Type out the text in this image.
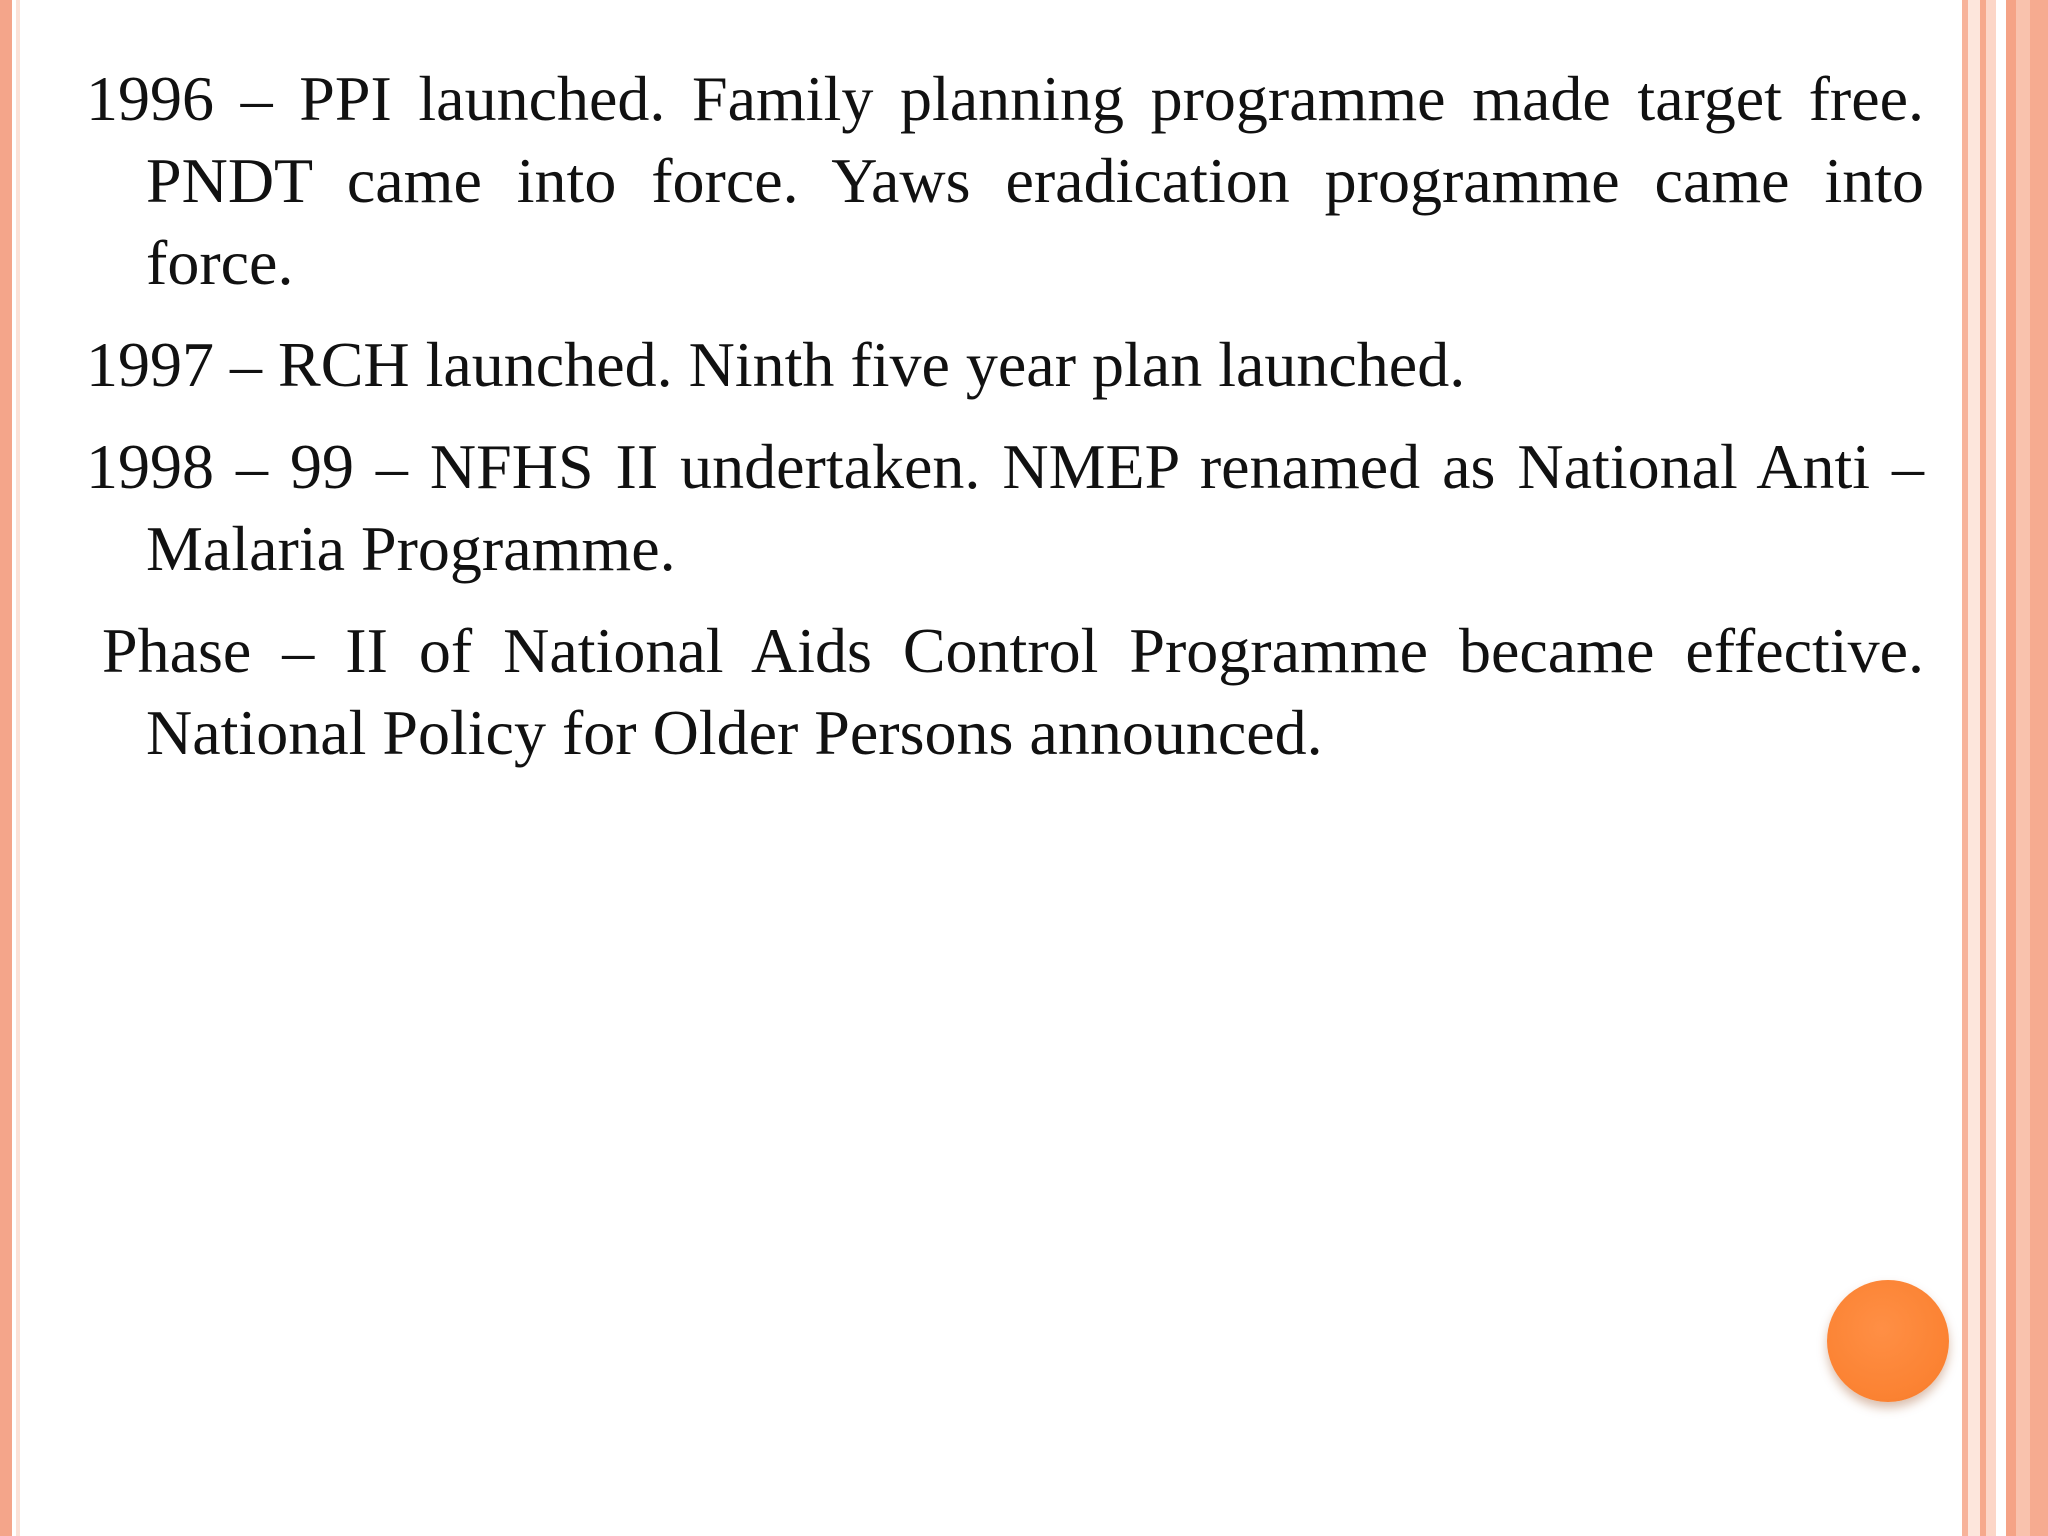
1996 – PPI launched. Family planning programme made target free. PNDT came into force. Yaws eradication programme came into force.

1997 – RCH launched. Ninth five year plan launched.

1998 – 99 – NFHS II undertaken. NMEP renamed as National Anti – Malaria Programme.

Phase – II of National Aids Control Programme became effective. National Policy for Older Persons announced.
